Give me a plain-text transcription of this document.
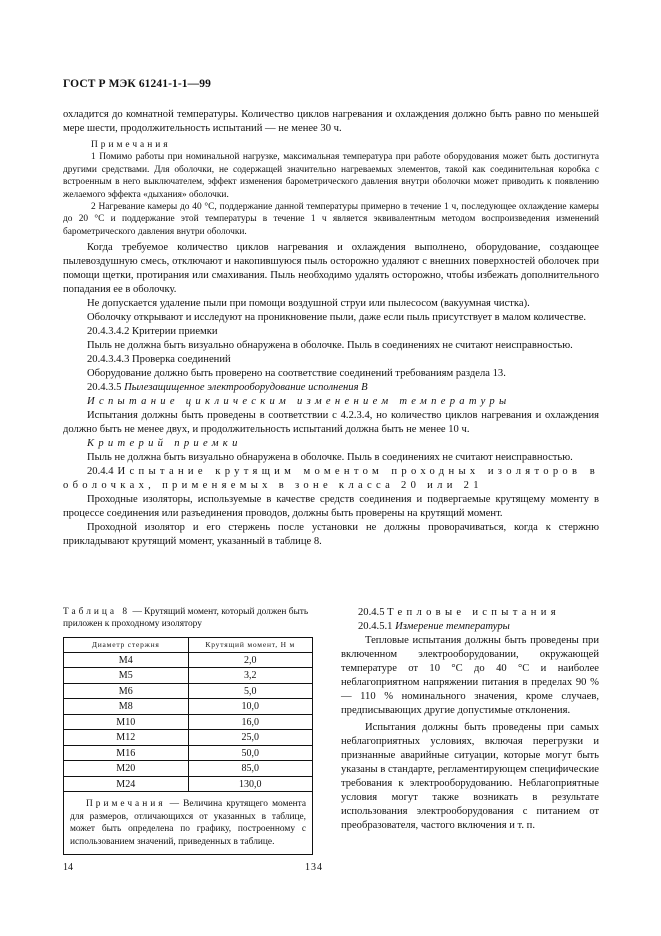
ГОСТ Р МЭК 61241-1-1—99

охладится до комнатной температуры. Количество циклов нагревания и охлаждения должно быть равно по меньшей мере шести, продолжительность испытаний — не менее 30 ч.

Примечания

1 Помимо работы при номинальной нагрузке, максимальная температура при работе оборудования может быть достигнута другими средствами. Для оболочки, не содержащей значительно нагреваемых элементов, такой как соединительная коробка с встроенным в него выключателем, эффект изменения барометрического давления внутри оболочки может приводить к появлению желаемого эффекта «дыхания» оболочки.

2 Нагревание камеры до 40 °С, поддержание данной температуры примерно в течение 1 ч, последующее охлаждение камеры до 20 °С и поддержание этой температуры в течение 1 ч является эквивалентным методом воспроизведения изменений барометрического давления внутри оболочки.

Когда требуемое количество циклов нагревания и охлаждения выполнено, оборудование, создающее пылевоздушную смесь, отключают и накопившуюся пыль осторожно удаляют с внешних поверхностей оболочек при помощи щетки, протирания или смахивания. Пыль необходимо удалять осторожно, чтобы избежать дополнительного попадания ее в оболочку.

Не допускается удаление пыли при помощи воздушной струи или пылесосом (вакуумная чистка).

Оболочку открывают и исследуют на проникновение пыли, даже если пыль присутствует в малом количестве.

20.4.3.4.2 Критерии приемки

Пыль не должна быть визуально обнаружена в оболочке. Пыль в соединениях не считают неисправностью.

20.4.3.4.3 Проверка соединений

Оборудование должно быть проверено на соответствие соединений требованиям раздела 13.

20.4.3.5 Пылезащищенное электрооборудование исполнения В

Испытание циклическим изменением температуры

Испытания должны быть проведены в соответствии с 4.2.3.4, но количество циклов нагревания и охлаждения должно быть не менее двух, и продолжительность испытаний должна быть не менее 10 ч.

Критерий приемки

Пыль не должна быть визуально обнаружена в оболочке. Пыль в соединениях не считают неисправностью.

20.4.4 Испытание крутящим моментом проходных изоляторов в оболочках, применяемых в зоне класса 20 или 21

Проходные изоляторы, используемые в качестве средств соединения и подвергаемые крутящему моменту в процессе соединения или разъединения проводов, должны быть проверены на крутящий момент.

Проходной изолятор и его стержень после установки не должны проворачиваться, когда к стержню прикладывают крутящий момент, указанный в таблице 8.

Таблица 8 — Крутящий момент, который должен быть приложен к проходному изолятору

Диаметр стержня	Крутящий момент, Н м
M4	2,0
M5	3,2
M6	5,0
M8	10,0
M10	16,0
M12	25,0
M16	50,0
M20	85,0
M24	130,0
Примечания — Величина крутящего момента для размеров, отличающихся от указанных в таблице, может быть определена по графику, построенному с использованием значений, приведенных в таблице.	

20.4.5 Тепловые испытания

20.4.5.1 Измерение температуры

Тепловые испытания должны быть проведены при включенном электрооборудовании, окружающей температуре от 10 °С до 40 °С и наиболее неблагоприятном напряжении питания в пределах 90 % — 110 % номинального значения, кроме случаев, предписывающих другие допустимые отклонения.

Испытания должны быть проведены при самых неблагоприятных условиях, включая перегрузки и признанные аварийные ситуации, которые могут быть указаны в стандарте, регламентирующем специфические требования к электрооборудованию. Неблагоприятные условия могут также возникать в результате использования электрооборудования с питанием от преобразователя, частого включения и т. п.

14	134
